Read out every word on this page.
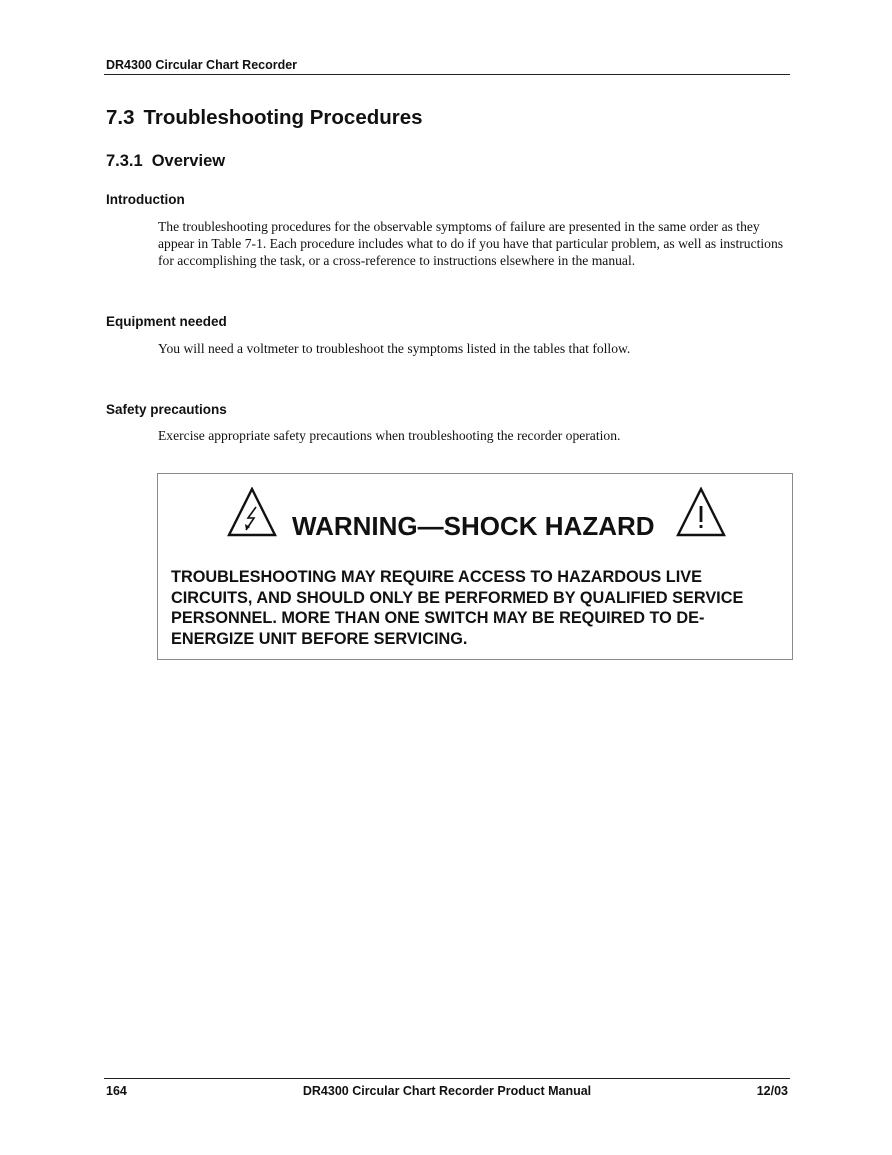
DR4300 Circular Chart Recorder
7.3 Troubleshooting Procedures
7.3.1 Overview
Introduction

The troubleshooting procedures for the observable symptoms of failure are presented in the same order as they appear in Table 7-1. Each procedure includes what to do if you have that particular problem, as well as instructions for accomplishing the task, or a cross-reference to instructions elsewhere in the manual.

Equipment needed

You will need a voltmeter to troubleshoot the symptoms listed in the tables that follow.

Safety precautions

Exercise appropriate safety precautions when troubleshooting the recorder operation.

WARNING—SHOCK HAZARD

TROUBLESHOOTING MAY REQUIRE ACCESS TO HAZARDOUS LIVE CIRCUITS, AND SHOULD ONLY BE PERFORMED BY QUALIFIED SERVICE PERSONNEL. MORE THAN ONE SWITCH MAY BE REQUIRED TO DE-ENERGIZE UNIT BEFORE SERVICING.

164	DR4300 Circular Chart Recorder Product Manual	12/03
